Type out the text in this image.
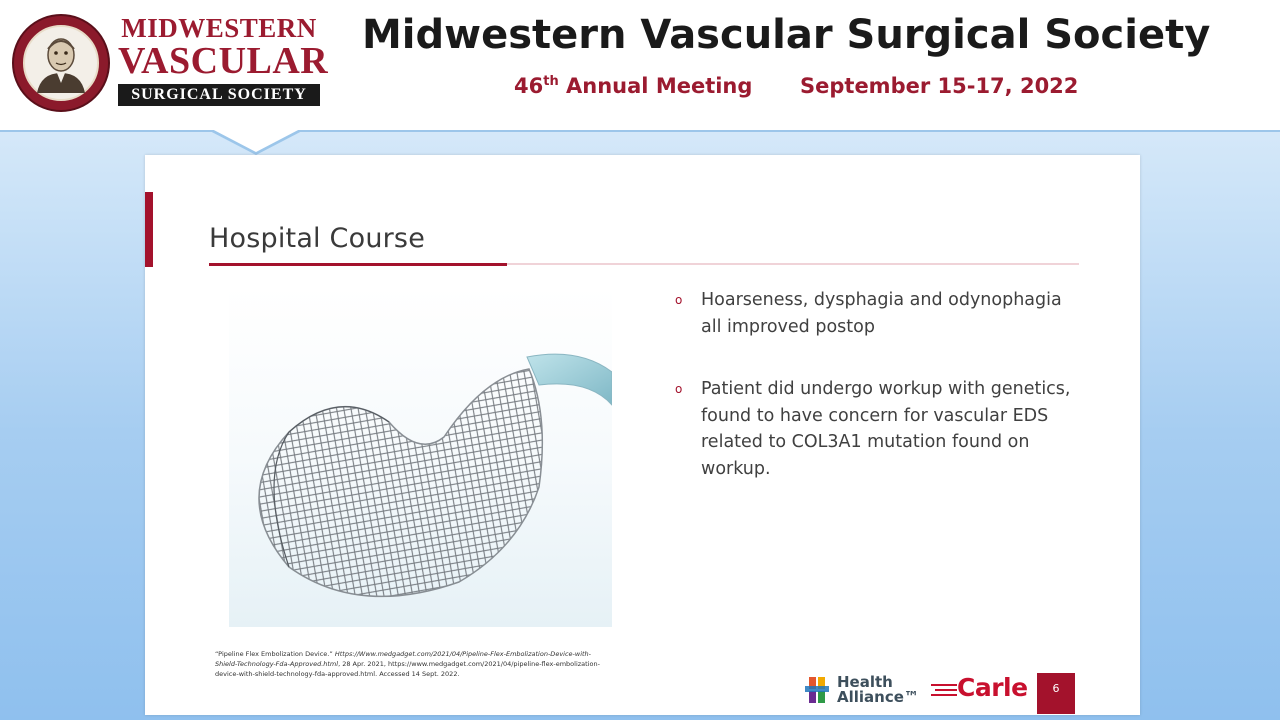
MIDWESTERN
VASCULAR
SURGICAL SOCIETY
Midwestern Vascular Surgical Society
46th Annual Meeting September 15-17, 2022
Hospital Course
o Hoarseness, dysphagia and odynophagia all improved postop
o Patient did undergo workup with genetics, found to have concern for vascular EDS related to COL3A1 mutation found on workup.
“Pipeline Flex Embolization Device.” Https://Www.medgadget.com/2021/04/Pipeline-Flex-Embolization-Device-with-Shield-Technology-Fda-Approved.html, 28 Apr. 2021, https://www.medgadget.com/2021/04/pipeline-flex-embolization-device-with-shield-technology-fda-approved.html. Accessed 14 Sept. 2022.	Health
Alliance™ Carle	6
